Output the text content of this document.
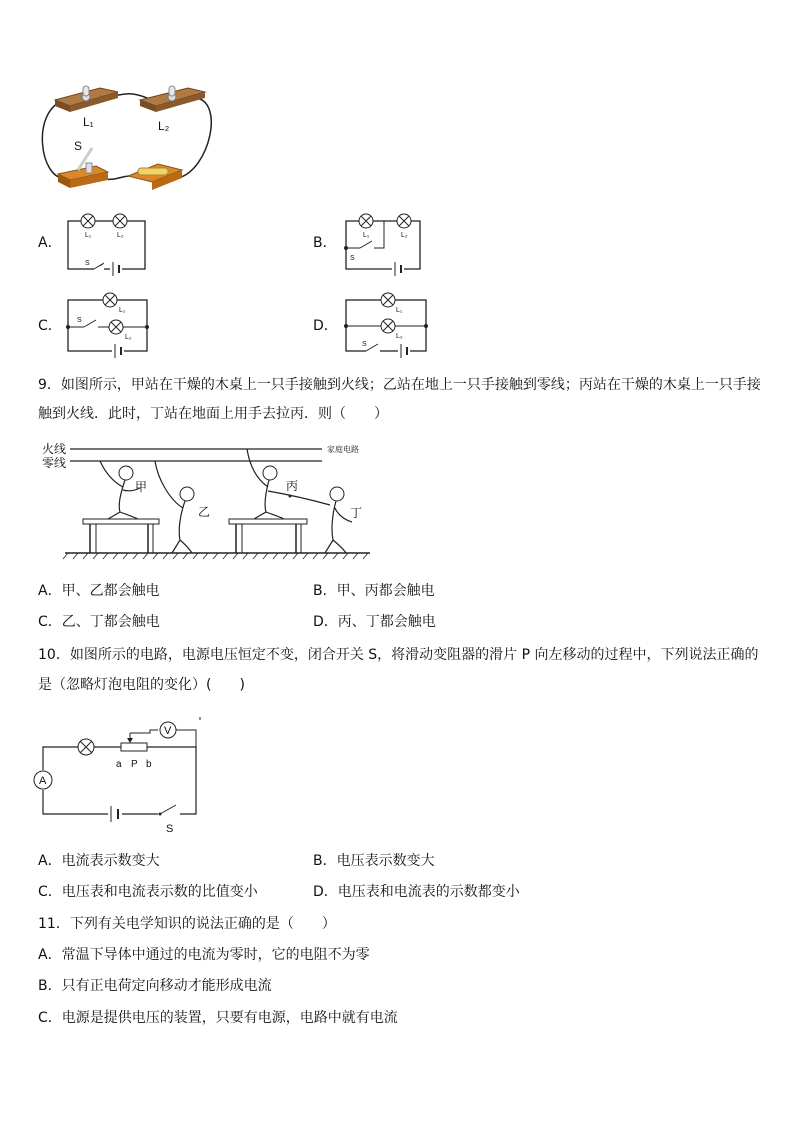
L₁	L₂
S
A．
S
L₁	L₂	B．
S
L₁	L₂
C． S
L₁
L₂
D．
S
L₁
L₂
9．如图所示，甲站在干燥的木桌上一只手接触到火线；乙站在地上一只手接触到零线；丙站在干燥的木桌上一只手接
触到火线．此时，丁站在地面上用手去拉丙．则（　　）
火线
零线
家庭电路
甲
乙
丙
丁
A．甲、乙都会触电	B．甲、丙都会触电
C．乙、丁都会触电	D．丙、丁都会触电
10．如图所示的电路，电源电压恒定不变，闭合开关 S，将滑动变阻器的滑片 P 向左移动的过程中，下列说法正确的
是（忽略灯泡电阻的变化）(　　)
V
a P b
A
S
A．电流表示数变大	B．电压表示数变大
C．电压表和电流表示数的比值变小	D．电压表和电流表的示数都变小
11．下列有关电学知识的说法正确的是（　　）
A．常温下导体中通过的电流为零时，它的电阻不为零
B．只有正电荷定向移动才能形成电流
C．电源是提供电压的装置，只要有电源，电路中就有电流
